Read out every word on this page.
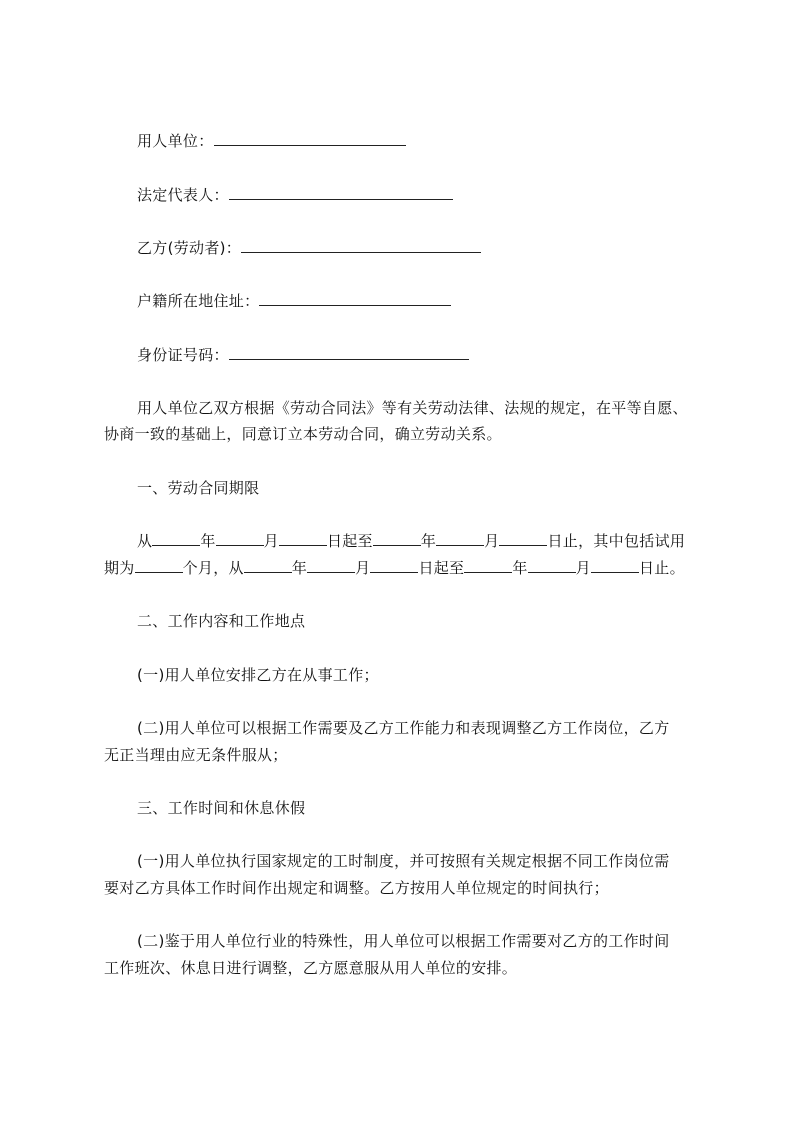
用人单位：
法定代表人：
乙方(劳动者)：
户籍所在地住址：
身份证号码：
用人单位乙双方根据《劳动合同法》等有关劳动法律、法规的规定，在平等自愿、
协商一致的基础上，同意订立本劳动合同，确立劳动关系。
一、劳动合同期限
从	年	月	日起至	年	月	日止，其中包括试用
期为	个月，从	年	月	日起至	年	月	日止。
二、工作内容和工作地点
(一)用人单位安排乙方在从事工作；
(二)用人单位可以根据工作需要及乙方工作能力和表现调整乙方工作岗位，乙方
无正当理由应无条件服从；
三、工作时间和休息休假
(一)用人单位执行国家规定的工时制度，并可按照有关规定根据不同工作岗位需
要对乙方具体工作时间作出规定和调整。乙方按用人单位规定的时间执行；
(二)鉴于用人单位行业的特殊性，用人单位可以根据工作需要对乙方的工作时间
工作班次、休息日进行调整，乙方愿意服从用人单位的安排。
